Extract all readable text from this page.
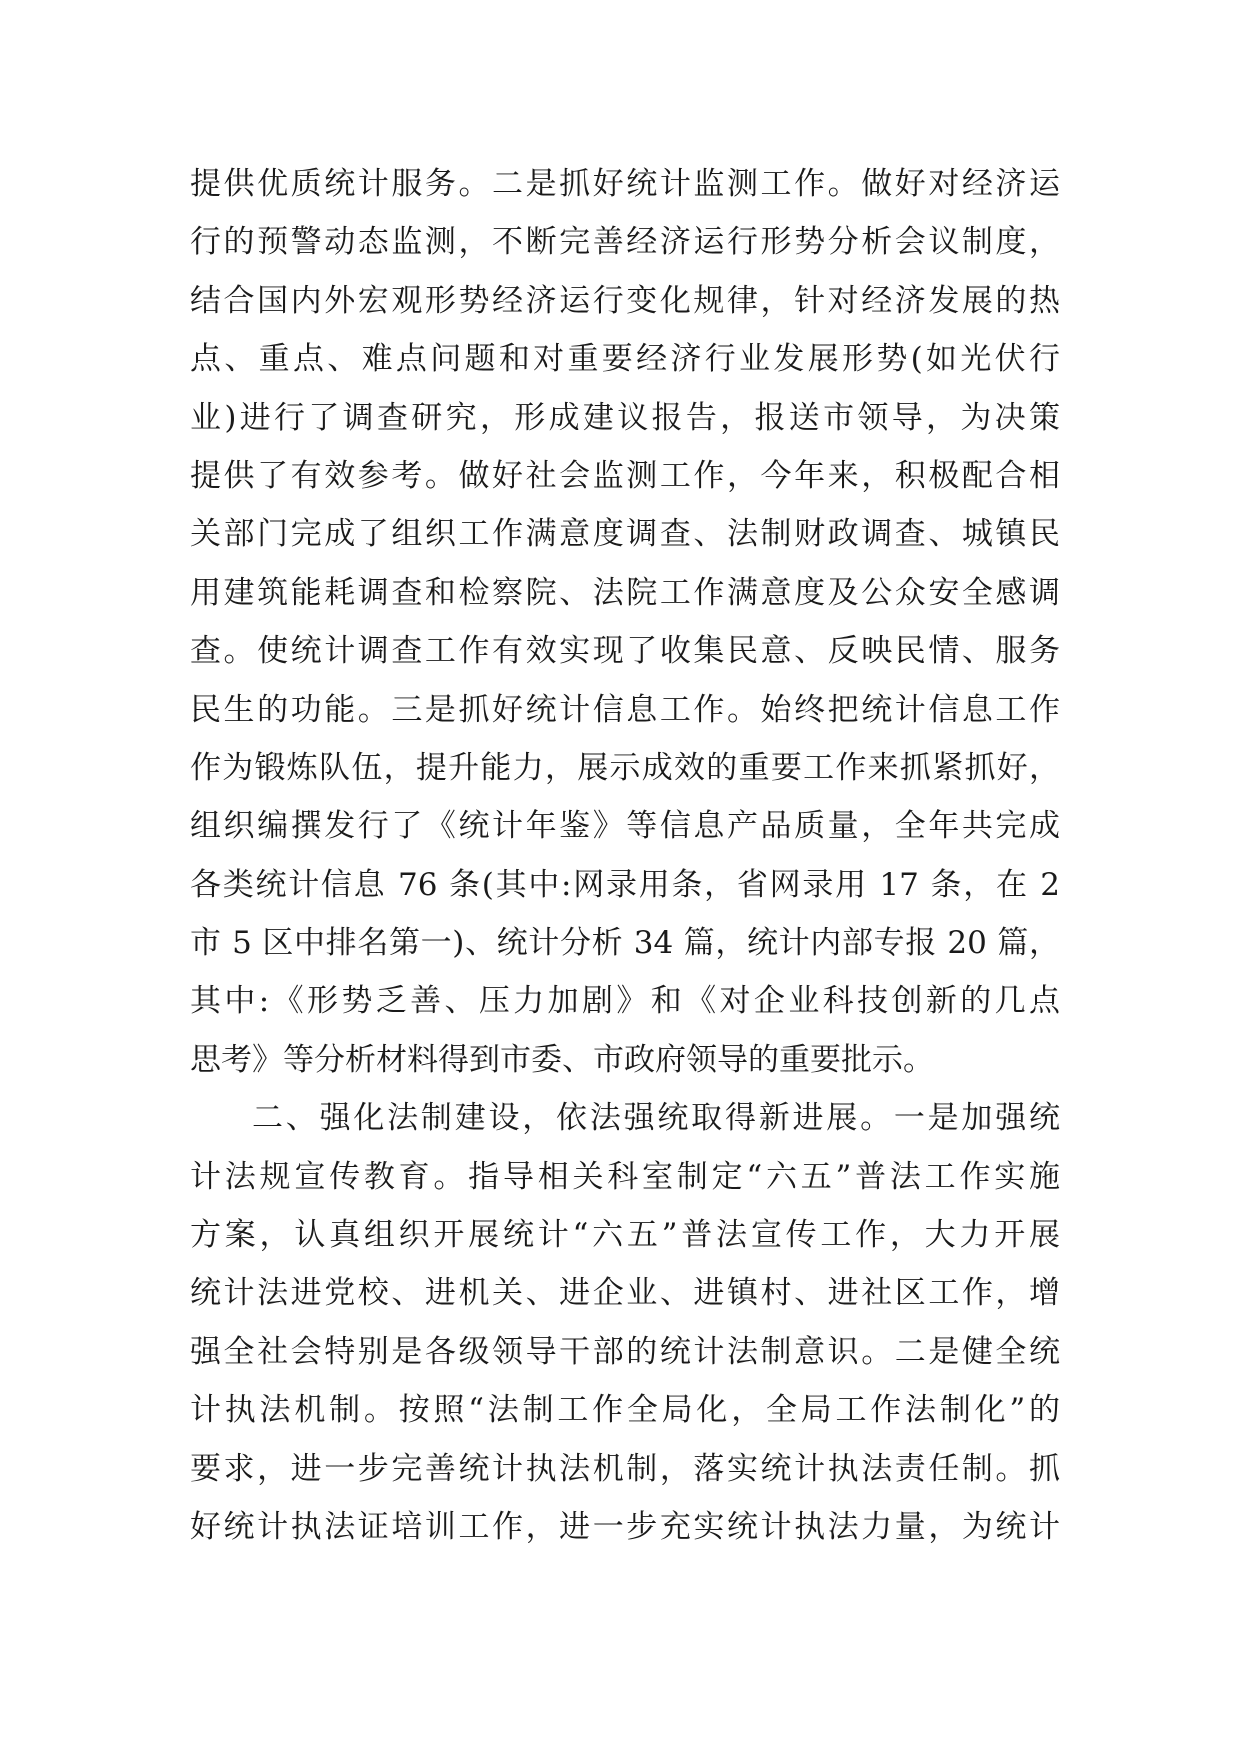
提供优质统计服务。二是抓好统计监测工作。做好对经济运
行的预警动态监测，不断完善经济运行形势分析会议制度，
结合国内外宏观形势经济运行变化规律，针对经济发展的热
点、重点、难点问题和对重要经济行业发展形势(如光伏行
业)进行了调查研究，形成建议报告，报送市领导，为决策
提供了有效参考。做好社会监测工作，今年来，积极配合相
关部门完成了组织工作满意度调查、法制财政调查、城镇民
用建筑能耗调查和检察院、法院工作满意度及公众安全感调
查。使统计调查工作有效实现了收集民意、反映民情、服务
民生的功能。三是抓好统计信息工作。始终把统计信息工作
作为锻炼队伍，提升能力，展示成效的重要工作来抓紧抓好，
组织编撰发行了《统计年鉴》等信息产品质量，全年共完成
各类统计信息 76 条(其中:网录用条，省网录用 17 条，在 2
市 5 区中排名第一)、统计分析 34 篇，统计内部专报 20 篇，
其中:《形势乏善、压力加剧》和《对企业科技创新的几点
思考》等分析材料得到市委、市政府领导的重要批示。
二、强化法制建设，依法强统取得新进展。一是加强统
计法规宣传教育。指导相关科室制定“六五”普法工作实施
方案，认真组织开展统计“六五”普法宣传工作，大力开展
统计法进党校、进机关、进企业、进镇村、进社区工作，增
强全社会特别是各级领导干部的统计法制意识。二是健全统
计执法机制。按照“法制工作全局化，全局工作法制化”的
要求，进一步完善统计执法机制，落实统计执法责任制。抓
好统计执法证培训工作，进一步充实统计执法力量，为统计
